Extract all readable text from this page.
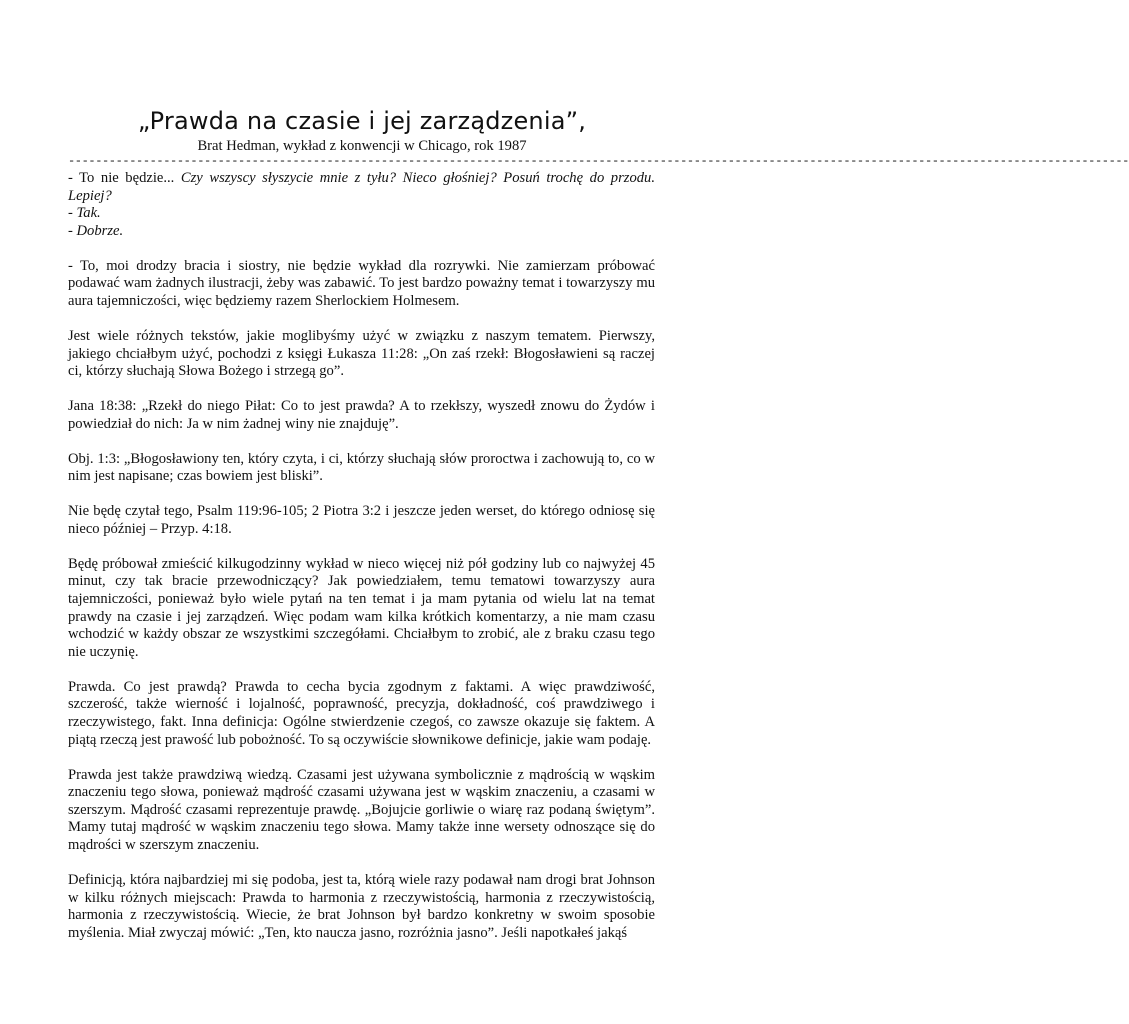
„Prawda na czasie i jej zarządzenia”,
Brat Hedman, wykład z konwencji w Chicago, rok 1987
------------------------------------------------------------------------------------------------------------------------------------------------------------

- To nie będzie... Czy wszyscy słyszycie mnie z tyłu? Nieco głośniej? Posuń trochę do przodu. Lepiej?

- Tak.

- Dobrze.

- To, moi drodzy bracia i siostry, nie będzie wykład dla rozrywki. Nie zamierzam próbować podawać wam żadnych ilustracji, żeby was zabawić. To jest bardzo poważny temat i towarzyszy mu aura tajemniczości, więc będziemy razem Sherlockiem Holmesem.

Jest wiele różnych tekstów, jakie moglibyśmy użyć w związku z naszym tematem. Pierwszy, jakiego chciałbym użyć, pochodzi z księgi Łukasza 11:28: „On zaś rzekł: Błogosławieni są raczej ci, którzy słuchają Słowa Bożego i strzegą go”.

Jana 18:38: „Rzekł do niego Piłat: Co to jest prawda? A to rzekłszy, wyszedł znowu do Żydów i powiedział do nich: Ja w nim żadnej winy nie znajduję”.

Obj. 1:3: „Błogosławiony ten, który czyta, i ci, którzy słuchają słów proroctwa i zachowują to, co w nim jest napisane; czas bowiem jest bliski”.

Nie będę czytał tego, Psalm 119:96-105; 2 Piotra 3:2 i jeszcze jeden werset, do którego odniosę się nieco później – Przyp. 4:18.

Będę próbował zmieścić kilkugodzinny wykład w nieco więcej niż pół godziny lub co najwyżej 45 minut, czy tak bracie przewodniczący? Jak powiedziałem, temu tematowi towarzyszy aura tajemniczości, ponieważ było wiele pytań na ten temat i ja mam pytania od wielu lat na temat prawdy na czasie i jej zarządzeń. Więc podam wam kilka krótkich komentarzy, a nie mam czasu wchodzić w każdy obszar ze wszystkimi szczegółami. Chciałbym to zrobić, ale z braku czasu tego nie uczynię.

Prawda. Co jest prawdą? Prawda to cecha bycia zgodnym z faktami. A więc prawdziwość, szczerość, także wierność i lojalność, poprawność, precyzja, dokładność, coś prawdziwego i rzeczywistego, fakt. Inna definicja: Ogólne stwierdzenie czegoś, co zawsze okazuje się faktem. A piątą rzeczą jest prawość lub pobożność. To są oczywiście słownikowe definicje, jakie wam podaję.

Prawda jest także prawdziwą wiedzą. Czasami jest używana symbolicznie z mądrością w wąskim znaczeniu tego słowa, ponieważ mądrość czasami używana jest w wąskim znaczeniu, a czasami w szerszym. Mądrość czasami reprezentuje prawdę. „Bojujcie gorliwie o wiarę raz podaną świętym”. Mamy tutaj mądrość w wąskim znaczeniu tego słowa. Mamy także inne wersety odnoszące się do mądrości w szerszym znaczeniu.

Definicją, która najbardziej mi się podoba, jest ta, którą wiele razy podawał nam drogi brat Johnson w kilku różnych miejscach: Prawda to harmonia z rzeczywistością, harmonia z rzeczywistością, harmonia z rzeczywistością. Wiecie, że brat Johnson był bardzo konkretny w swoim sposobie myślenia. Miał zwyczaj mówić: „Ten, kto naucza jasno, rozróżnia jasno”. Jeśli napotkałeś jakąś
